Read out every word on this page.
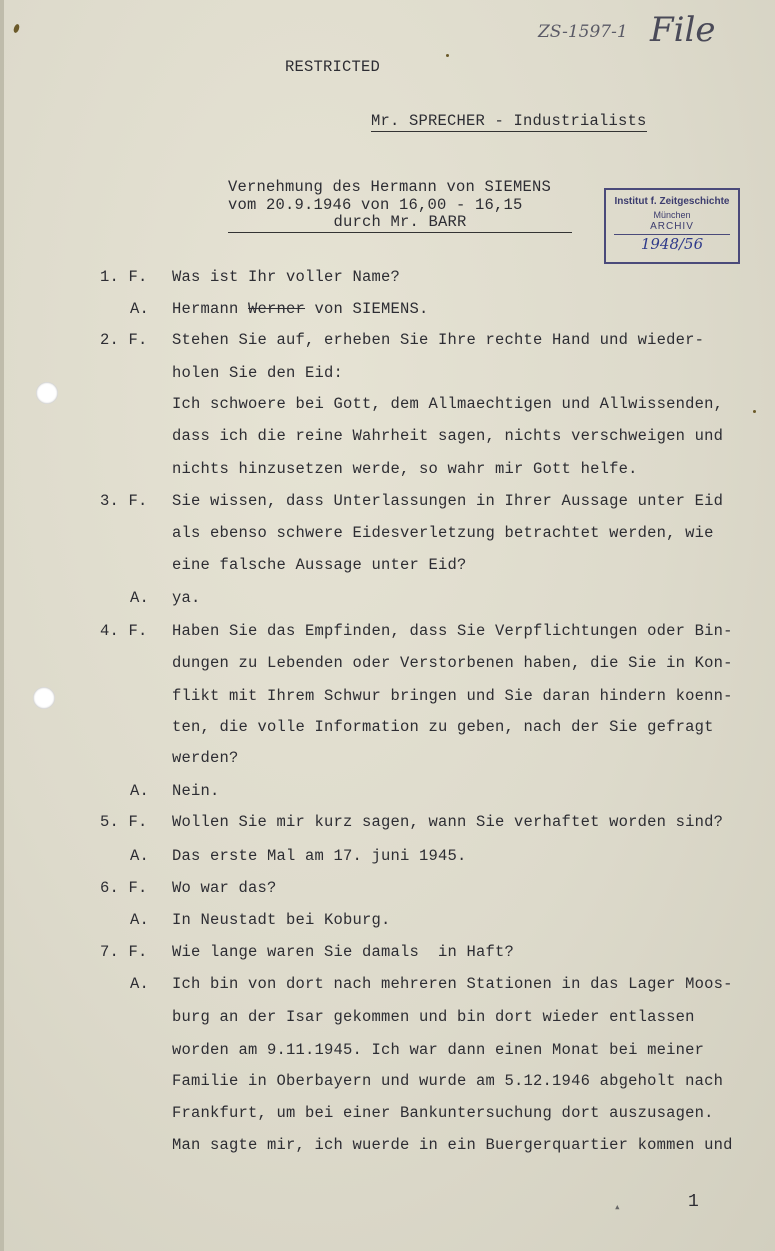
ZS-1597-1 File
RESTRICTED
Mr. SPRECHER - Industrialists
Vernehmung des Hermann von SIEMENS
vom 20.9.1946 von 16,00 - 16,15
durch Mr. BARR
Institut f. Zeitgeschichte
München
ARCHIV
1948/56
1. F. Was ist Ihr voller Name?
A. Hermann Werner von SIEMENS.
2. F. Stehen Sie auf, erheben Sie Ihre rechte Hand und wieder-
holen Sie den Eid:
Ich schwoere bei Gott, dem Allmaechtigen und Allwissenden,
dass ich die reine Wahrheit sagen, nichts verschweigen und
nichts hinzusetzen werde, so wahr mir Gott helfe.
3. F. Sie wissen, dass Unterlassungen in Ihrer Aussage unter Eid
als ebenso schwere Eidesverletzung betrachtet werden, wie
eine falsche Aussage unter Eid?
A. ya.
4. F. Haben Sie das Empfinden, dass Sie Verpflichtungen oder Bin-
dungen zu Lebenden oder Verstorbenen haben, die Sie in Kon-
flikt mit Ihrem Schwur bringen und Sie daran hindern koenn-
ten, die volle Information zu geben, nach der Sie gefragt
werden?
A. Nein.
5. F. Wollen Sie mir kurz sagen, wann Sie verhaftet worden sind?
A. Das erste Mal am 17. juni 1945.
6. F. Wo war das?
A. In Neustadt bei Koburg.
7. F. Wie lange waren Sie damals  in Haft?
A. Ich bin von dort nach mehreren Stationen in das Lager Moos-
burg an der Isar gekommen und bin dort wieder entlassen
worden am 9.11.1945. Ich war dann einen Monat bei meiner
Familie in Oberbayern und wurde am 5.12.1946 abgeholt nach
Frankfurt, um bei einer Bankuntersuchung dort auszusagen.
Man sagte mir, ich wuerde in ein Buergerquartier kommen und
▴	1
